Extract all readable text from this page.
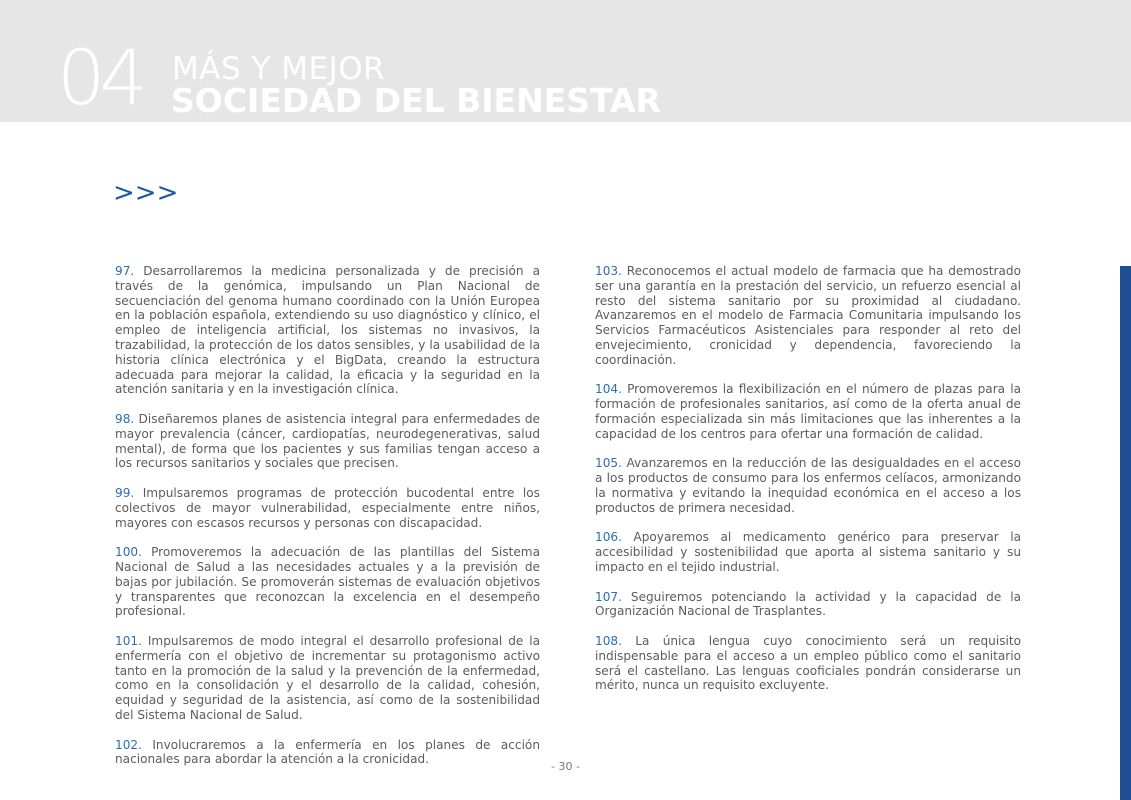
04 MÁS Y MEJOR
SOCIEDAD DEL BIENESTAR
>>>

97. Desarrollaremos la medicina personalizada y de precisión a través de la genómica, impulsando un Plan Nacional de secuenciación del genoma humano coordinado con la Unión Europea en la población española, extendiendo su uso diagnóstico y clínico, el empleo de inteligencia artificial, los sistemas no invasivos, la trazabilidad, la protección de los datos sensibles, y la usabilidad de la historia clínica electrónica y el BigData, creando la estructura adecuada para mejorar la calidad, la eficacia y la seguridad en la atención sanitaria y en la investigación clínica.

98. Diseñaremos planes de asistencia integral para enfermedades de mayor prevalencia (cáncer, cardiopatías, neurodegenerativas, salud mental), de forma que los pacientes y sus familias tengan acceso a los recursos sanitarios y sociales que precisen.

99. Impulsaremos programas de protección bucodental entre los colectivos de mayor vulnerabilidad, especialmente entre niños, mayores con escasos recursos y personas con discapacidad.

100. Promoveremos la adecuación de las plantillas del Sistema Nacional de Salud a las necesidades actuales y a la previsión de bajas por jubilación. Se promoverán sistemas de evaluación objetivos y transparentes que reconozcan la excelencia en el desempeño profesional.

101. Impulsaremos de modo integral el desarrollo profesional de la enfermería con el objetivo de incrementar su protagonismo activo tanto en la promoción de la salud y la prevención de la enfermedad, como en la consolidación y el desarrollo de la calidad, cohesión, equidad y seguridad de la asistencia, así como de la sostenibilidad del Sistema Nacional de Salud.

102. Involucraremos a la enfermería en los planes de acción nacionales para abordar la atención a la cronicidad.

103. Reconocemos el actual modelo de farmacia que ha demostrado ser una garantía en la prestación del servicio, un refuerzo esencial al resto del sistema sanitario por su proximidad al ciudadano. Avanzaremos en el modelo de Farmacia Comunitaria impulsando los Servicios Farmacéuticos Asistenciales para responder al reto del envejecimiento, cronicidad y dependencia, favoreciendo la coordinación.

104. Promoveremos la flexibilización en el número de plazas para la formación de profesionales sanitarios, así como de la oferta anual de formación especializada sin más limitaciones que las inherentes a la capacidad de los centros para ofertar una formación de calidad.

105. Avanzaremos en la reducción de las desigualdades en el acceso a los productos de consumo para los enfermos celíacos, armonizando la normativa y evitando la inequidad económica en el acceso a los productos de primera necesidad.

106. Apoyaremos al medicamento genérico para preservar la accesibilidad y sostenibilidad que aporta al sistema sanitario y su impacto en el tejido industrial.

107. Seguiremos potenciando la actividad y la capacidad de la Organización Nacional de Trasplantes.

108. La única lengua cuyo conocimiento será un requisito indispensable para el acceso a un empleo público como el sanitario será el castellano. Las lenguas cooficiales pondrán considerarse un mérito, nunca un requisito excluyente.

- 30 -
